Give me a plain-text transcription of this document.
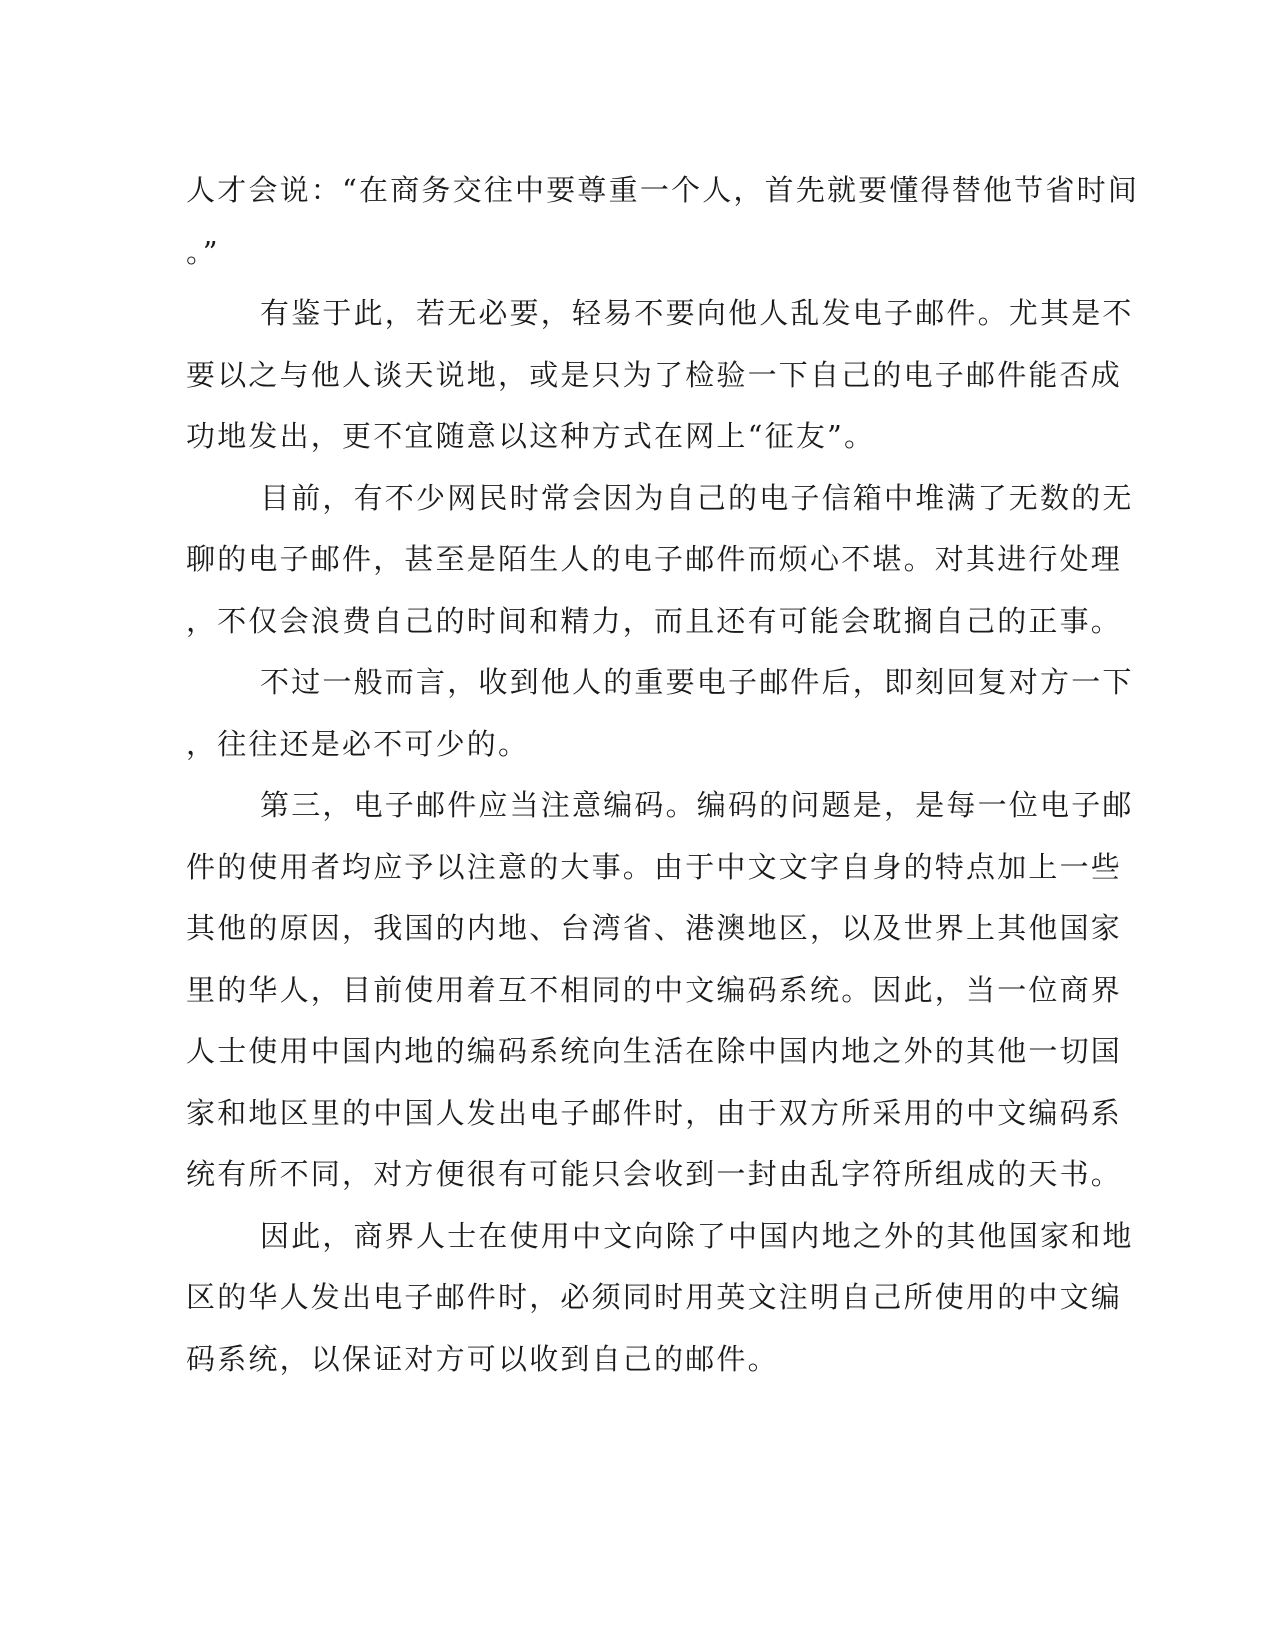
人才会说：“在商务交往中要尊重一个人，首先就要懂得替他节省时间
。”
有鉴于此，若无必要，轻易不要向他人乱发电子邮件。尤其是不
要以之与他人谈天说地，或是只为了检验一下自己的电子邮件能否成
功地发出，更不宜随意以这种方式在网上“征友”。
目前，有不少网民时常会因为自己的电子信箱中堆满了无数的无
聊的电子邮件，甚至是陌生人的电子邮件而烦心不堪。对其进行处理
，不仅会浪费自己的时间和精力，而且还有可能会耽搁自己的正事。
不过一般而言，收到他人的重要电子邮件后，即刻回复对方一下
，往往还是必不可少的。
第三，电子邮件应当注意编码。编码的问题是，是每一位电子邮
件的使用者均应予以注意的大事。由于中文文字自身的特点加上一些
其他的原因，我国的内地、台湾省、港澳地区，以及世界上其他国家
里的华人，目前使用着互不相同的中文编码系统。因此，当一位商界
人士使用中国内地的编码系统向生活在除中国内地之外的其他一切国
家和地区里的中国人发出电子邮件时，由于双方所采用的中文编码系
统有所不同，对方便很有可能只会收到一封由乱字符所组成的天书。
因此，商界人士在使用中文向除了中国内地之外的其他国家和地
区的华人发出电子邮件时，必须同时用英文注明自己所使用的中文编
码系统，以保证对方可以收到自己的邮件。
